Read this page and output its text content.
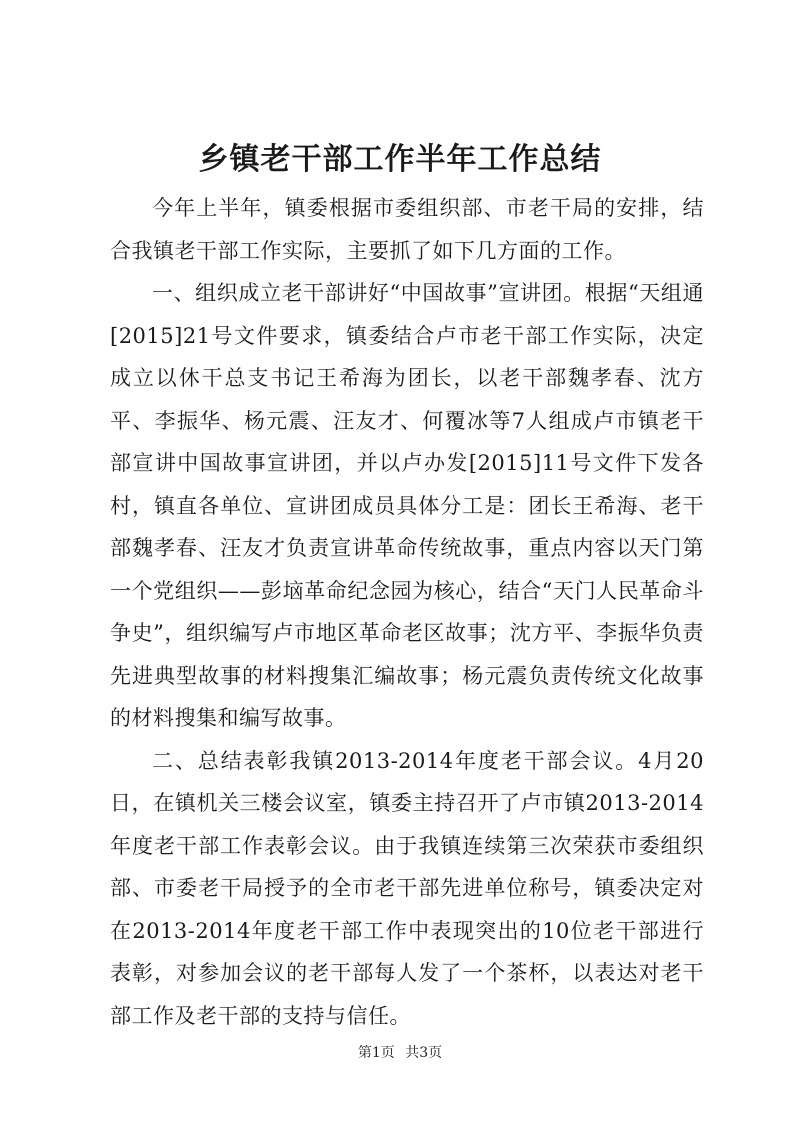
乡镇老干部工作半年工作总结

今年上半年，镇委根据市委组织部、市老干局的安排，结合我镇老干部工作实际，主要抓了如下几方面的工作。

一、组织成立老干部讲好“中国故事”宣讲团。根据“天组通[2015]21号文件要求，镇委结合卢市老干部工作实际，决定成立以休干总支书记王希海为团长，以老干部魏孝春、沈方平、李振华、杨元震、汪友才、何覆冰等7人组成卢市镇老干部宣讲中国故事宣讲团，并以卢办发[2015]11号文件下发各村，镇直各单位、宣讲团成员具体分工是：团长王希海、老干部魏孝春、汪友才负责宣讲革命传统故事，重点内容以天门第一个党组织——彭垴革命纪念园为核心，结合“天门人民革命斗争史”，组织编写卢市地区革命老区故事；沈方平、李振华负责先进典型故事的材料搜集汇编故事；杨元震负责传统文化故事的材料搜集和编写故事。

二、总结表彰我镇2013-2014年度老干部会议。4月20日，在镇机关三楼会议室，镇委主持召开了卢市镇2013-2014年度老干部工作表彰会议。由于我镇连续第三次荣获市委组织部、市委老干局授予的全市老干部先进单位称号，镇委决定对在2013-2014年度老干部工作中表现突出的10位老干部进行表彰，对参加会议的老干部每人发了一个茶杯，以表达对老干部工作及老干部的支持与信任。

第1页 共3页
